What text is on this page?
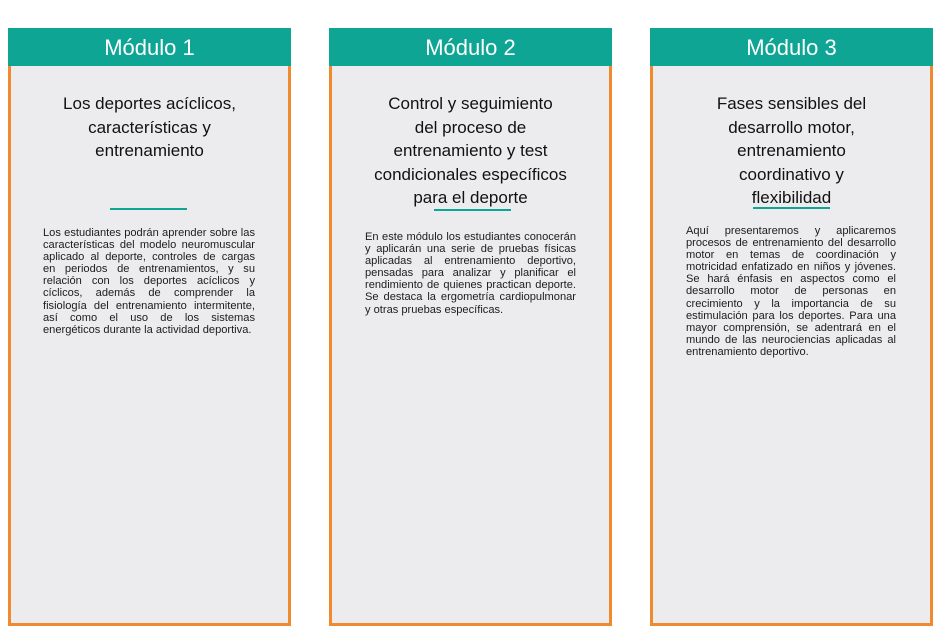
Módulo 1
Los deportes acíclicos,
características y
entrenamiento
Los estudiantes podrán aprender sobre las características del modelo neuromuscular aplicado al deporte, controles de cargas en periodos de entrenamientos, y su relación con los deportes acíclicos y cíclicos, además de comprender la fisiología del entrenamiento intermitente, así como el uso de los sistemas energéticos durante la actividad deportiva.
Módulo 2
Control y seguimiento
del proceso de
entrenamiento y test
condicionales específicos
para el deporte
En este módulo los estudiantes conocerán y aplicarán una serie de pruebas físicas aplicadas al entrenamiento deportivo, pensadas para analizar y planificar el rendimiento de quienes practican deporte. Se destaca la ergometría cardiopulmonar y otras pruebas específicas.
Módulo 3
Fases sensibles del
desarrollo motor,
entrenamiento
coordinativo y
flexibilidad
Aquí presentaremos y aplicaremos procesos de entrenamiento del desarrollo motor en temas de coordinación y motricidad enfatizado en niños y jóvenes. Se hará énfasis en aspectos como el desarrollo motor de personas en crecimiento y la importancia de su estimulación para los deportes. Para una mayor comprensión, se adentrará en el mundo de las neurociencias aplicadas al entrenamiento deportivo.
